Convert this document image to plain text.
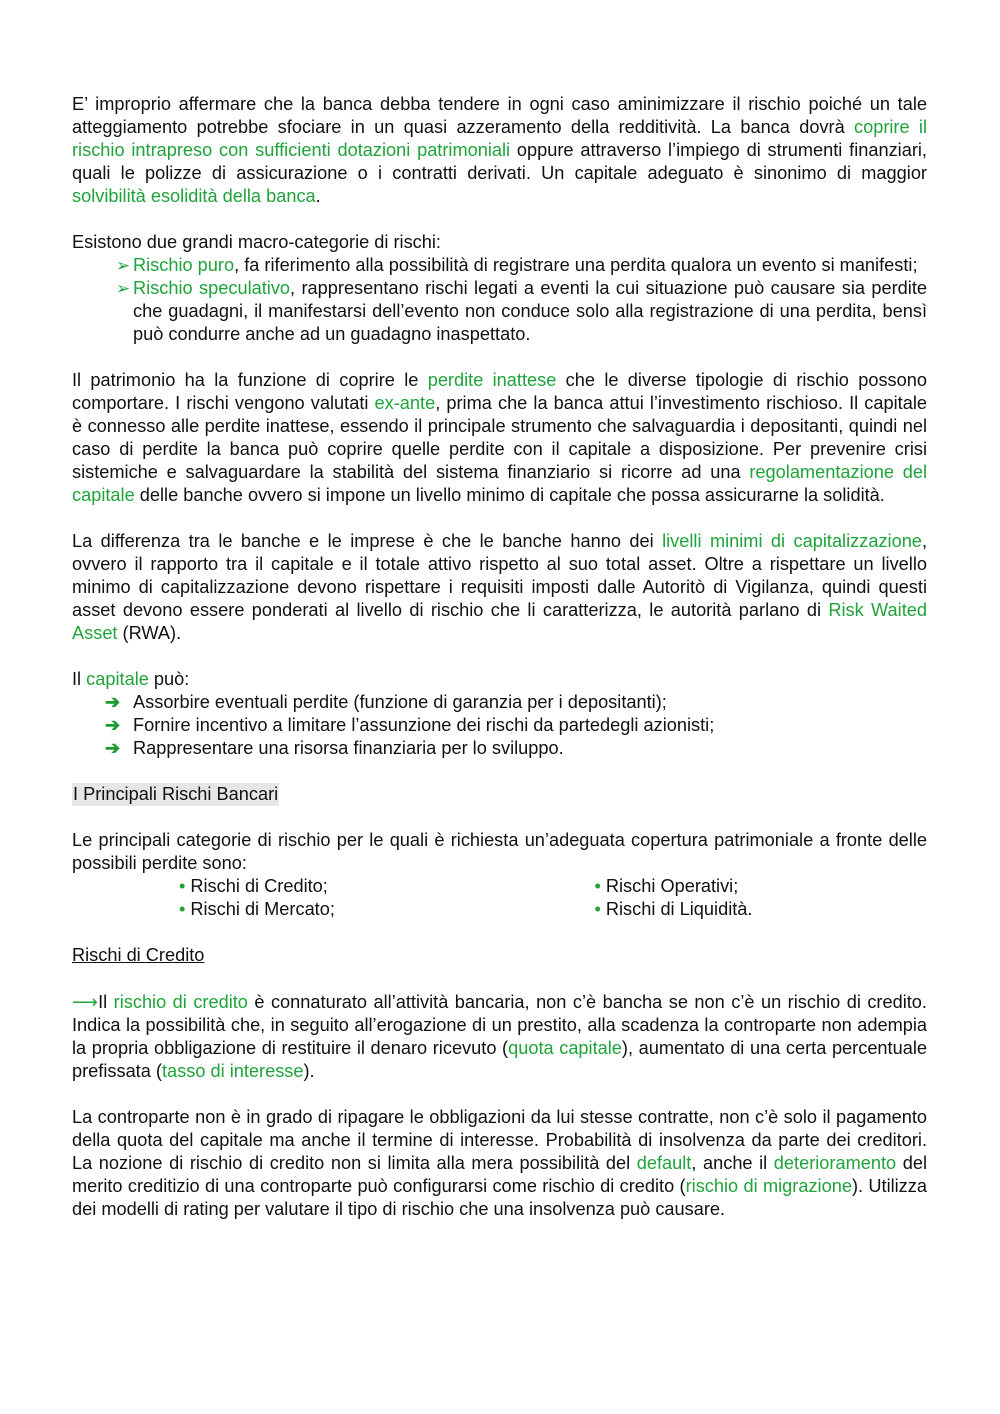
E’ improprio affermare che la banca debba tendere in ogni caso aminimizzare il rischio poiché un tale atteggiamento potrebbe sfociare in un quasi azzeramento della redditività. La banca dovrà coprire il rischio intrapreso con sufficienti dotazioni patrimoniali oppure attraverso l’impiego di strumenti finanziari, quali le polizze di assicurazione o i contratti derivati. Un capitale adeguato è sinonimo di maggior solvibilità esolidità della banca.

Esistono due grandi macro-categorie di rischi:

➢ Rischio puro, fa riferimento alla possibilità di registrare una perdita qualora un evento si manifesti;
➢ Rischio speculativo, rappresentano rischi legati a eventi la cui situazione può causare sia perdite che guadagni, il manifestarsi dell’evento non conduce solo alla registrazione di una perdita, bensì può condurre anche ad un guadagno inaspettato.

Il patrimonio ha la funzione di coprire le perdite inattese che le diverse tipologie di rischio possono comportare. I rischi vengono valutati ex-ante, prima che la banca attui l’investimento rischioso. Il capitale è connesso alle perdite inattese, essendo il principale strumento che salvaguardia i depositanti, quindi nel caso di perdite la banca può coprire quelle perdite con il capitale a disposizione. Per prevenire crisi sistemiche e salvaguardare la stabilità del sistema finanziario si ricorre ad una regolamentazione del capitale delle banche ovvero si impone un livello minimo di capitale che possa assicurarne la solidità.

La differenza tra le banche e le imprese è che le banche hanno dei livelli minimi di capitalizzazione, ovvero il rapporto tra il capitale e il totale attivo rispetto al suo total asset. Oltre a rispettare un livello minimo di capitalizzazione devono rispettare i requisiti imposti dalle Autoritò di Vigilanza, quindi questi asset devono essere ponderati al livello di rischio che li caratterizza, le autorità parlano di Risk Waited Asset (RWA).

Il capitale può:

➔ Assorbire eventuali perdite (funzione di garanzia per i depositanti);
➔ Fornire incentivo a limitare l’assunzione dei rischi da partedegli azionisti;
➔ Rappresentare una risorsa finanziaria per lo sviluppo.
I Principali Rischi Bancari

Le principali categorie di rischio per le quali è richiesta un’adeguata copertura patrimoniale a fronte delle possibili perdite sono:

• Rischi di Credito;
• Rischi di Mercato;
• Rischi Operativi;
• Rischi di Liquidità.
Rischi di Credito

⟶Il rischio di credito è connaturato all’attività bancaria, non c’è bancha se non c’è un rischio di credito. Indica la possibilità che, in seguito all’erogazione di un prestito, alla scadenza la controparte non adempia la propria obbligazione di restituire il denaro ricevuto (quota capitale), aumentato di una certa percentuale prefissata (tasso di interesse).

La controparte non è in grado di ripagare le obbligazioni da lui stesse contratte, non c’è solo il pagamento della quota del capitale ma anche il termine di interesse. Probabilità di insolvenza da parte dei creditori. La nozione di rischio di credito non si limita alla mera possibilità del default, anche il deterioramento del merito creditizio di una controparte può configurarsi come rischio di credito (rischio di migrazione). Utilizza dei modelli di rating per valutare il tipo di rischio che una insolvenza può causare.
